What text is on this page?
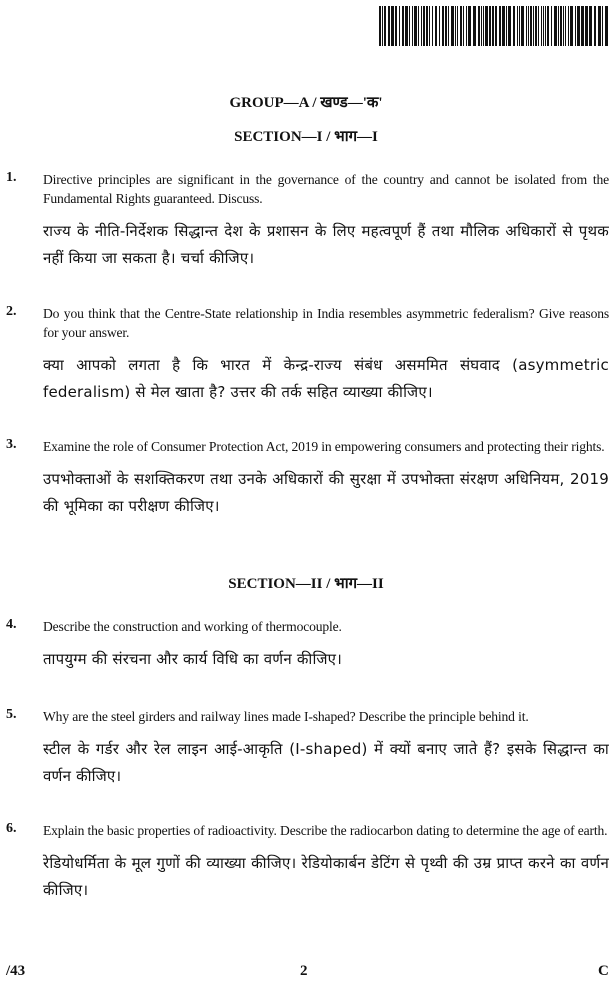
GROUP—A / खण्ड—'क'
SECTION—I / भाग—I
1. Directive principles are significant in the governance of the country and cannot be isolated from the Fundamental Rights guaranteed. Discuss.
राज्य के नीति-निर्देशक सिद्धान्त देश के प्रशासन के लिए महत्वपूर्ण हैं तथा मौलिक अधिकारों से पृथक नहीं किया जा सकता है। चर्चा कीजिए।
2. Do you think that the Centre-State relationship in India resembles asymmetric federalism? Give reasons for your answer.
क्या आपको लगता है कि भारत में केन्द्र-राज्य संबंध असममित संघवाद (asymmetric federalism) से मेल खाता है? उत्तर की तर्क सहित व्याख्या कीजिए।
3. Examine the role of Consumer Protection Act, 2019 in empowering consumers and protecting their rights.
उपभोक्ताओं के सशक्तिकरण तथा उनके अधिकारों की सुरक्षा में उपभोक्ता संरक्षण अधिनियम, 2019 की भूमिका का परीक्षण कीजिए।
SECTION—II / भाग—II
4. Describe the construction and working of thermocouple.
तापयुग्म की संरचना और कार्य विधि का वर्णन कीजिए।
5. Why are the steel girders and railway lines made I-shaped? Describe the principle behind it.
स्टील के गर्डर और रेल लाइन आई-आकृति (I-shaped) में क्यों बनाए जाते हैं? इसके सिद्धान्त का वर्णन कीजिए।
6. Explain the basic properties of radioactivity. Describe the radiocarbon dating to determine the age of earth.
रेडियोधर्मिता के मूल गुणों की व्याख्या कीजिए। रेडियोकार्बन डेटिंग से पृथ्वी की उम्र प्राप्त करने का वर्णन कीजिए।
/43	2	C
